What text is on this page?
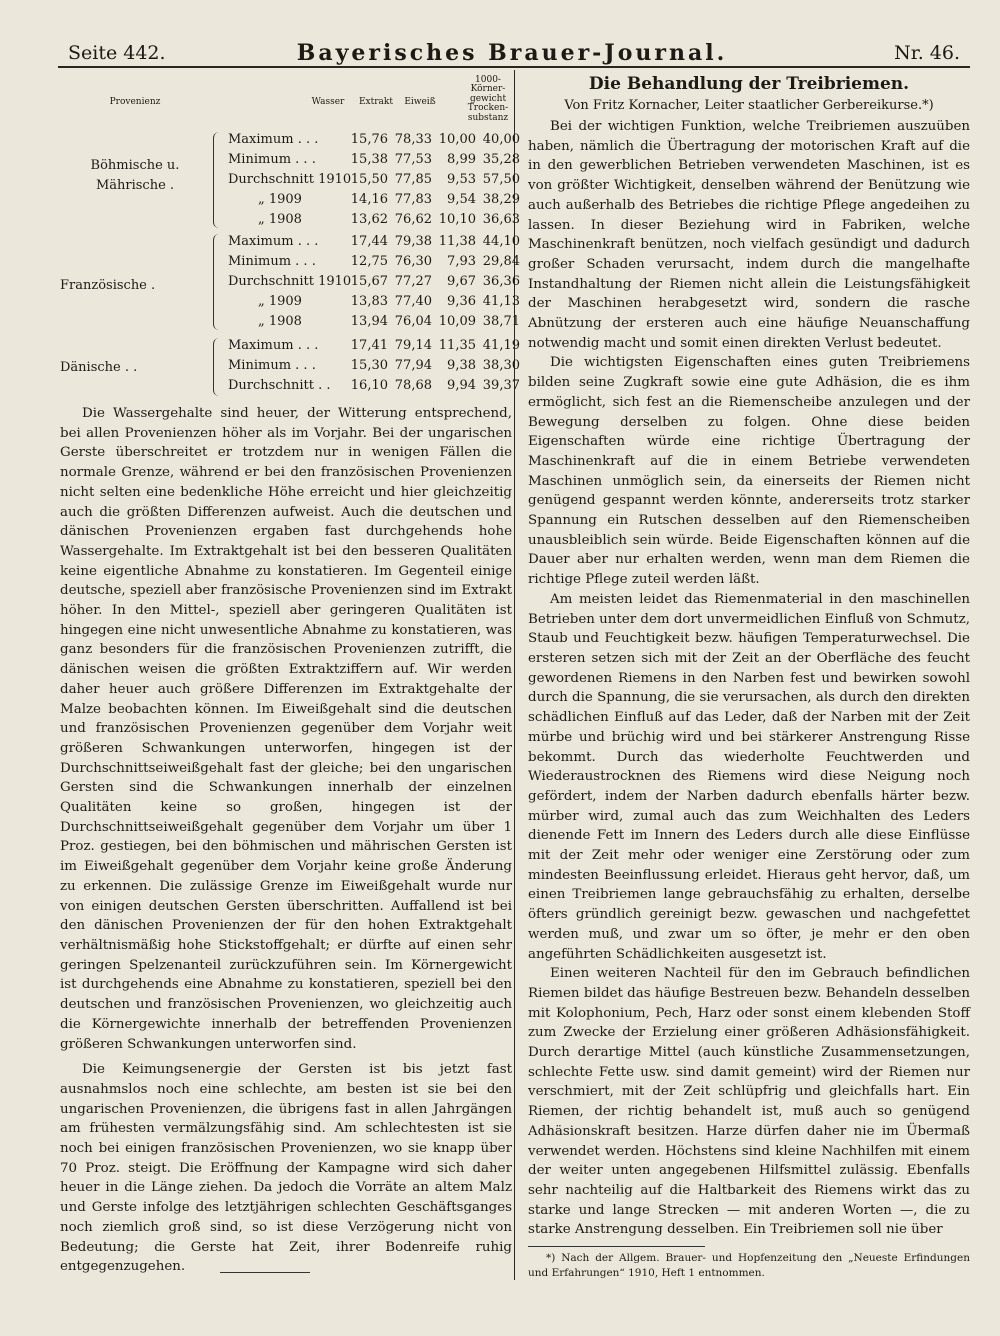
Seite 442.	Bayerisches Brauer-Journal.	Nr. 46.
Provenienz	Wasser	Extrakt	Eiweiß
1000-Körner-gewicht Trocken-substanz
Böhmische u. Mährische .
Maximum . . .	15,76 78,33 10,00 40,00
Minimum . . .	15,38 77,53	8,99 35,28
Durchschnitt 1910 15,50 77,85	9,53 57,50
„ 1909	14,16 77,83	9,54 38,29
„ 1908	13,62 76,62 10,10 36,63
Französische .
Maximum . . .	17,44 79,38 11,38 44,10
Minimum . . .	12,75 76,30	7,93 29,84
Durchschnitt 1910 15,67 77,27	9,67 36,36
„ 1909	13,83 77,40	9,36 41,13
„ 1908	13,94 76,04 10,09 38,71
Dänische . .
Maximum . . .	17,41 79,14 11,35 41,19
Minimum . . .	15,30 77,94	9,38 38,30
Durchschnitt . .	16,10 78,68	9,94 39,37

Die Wassergehalte sind heuer, der Witterung entsprechend, bei allen Provenienzen höher als im Vorjahr. Bei der ungarischen Gerste überschreitet er trotzdem nur in wenigen Fällen die normale Grenze, während er bei den französischen Provenienzen nicht selten eine bedenkliche Höhe erreicht und hier gleichzeitig auch die größten Differenzen aufweist. Auch die deutschen und dänischen Provenienzen ergaben fast durchgehends hohe Wassergehalte. Im Extraktgehalt ist bei den besseren Qualitäten keine eigentliche Abnahme zu konstatieren. Im Gegenteil einige deutsche, speziell aber französische Provenienzen sind im Extrakt höher. In den Mittel-, speziell aber geringeren Qualitäten ist hingegen eine nicht unwesentliche Abnahme zu konstatieren, was ganz besonders für die französischen Provenienzen zutrifft, die dänischen weisen die größten Extraktziffern auf. Wir werden daher heuer auch größere Differenzen im Extraktgehalte der Malze beobachten können. Im Eiweißgehalt sind die deutschen und französischen Provenienzen gegenüber dem Vorjahr weit größeren Schwankungen unterworfen, hingegen ist der Durchschnittseiweißgehalt fast der gleiche; bei den ungarischen Gersten sind die Schwankungen innerhalb der einzelnen Qualitäten keine so großen, hingegen ist der Durchschnittseiweißgehalt gegenüber dem Vorjahr um über 1 Proz. gestiegen, bei den böhmischen und mährischen Gersten ist im Eiweißgehalt gegenüber dem Vorjahr keine große Änderung zu erkennen. Die zulässige Grenze im Eiweißgehalt wurde nur von einigen deutschen Gersten überschritten. Auffallend ist bei den dänischen Provenienzen der für den hohen Extraktgehalt verhältnismäßig hohe Stickstoffgehalt; er dürfte auf einen sehr geringen Spelzenanteil zurückzuführen sein. Im Körnergewicht ist durchgehends eine Abnahme zu konstatieren, speziell bei den deutschen und französischen Provenienzen, wo gleichzeitig auch die Körnergewichte innerhalb der betreffenden Provenienzen größeren Schwankungen unterworfen sind.

Die Keimungsenergie der Gersten ist bis jetzt fast ausnahmslos noch eine schlechte, am besten ist sie bei den ungarischen Provenienzen, die übrigens fast in allen Jahrgängen am frühesten vermälzungsfähig sind. Am schlechtesten ist sie noch bei einigen französischen Provenienzen, wo sie knapp über 70 Proz. steigt. Die Eröffnung der Kampagne wird sich daher heuer in die Länge ziehen. Da jedoch die Vorräte an altem Malz und Gerste infolge des letztjährigen schlechten Geschäftsganges noch ziemlich groß sind, so ist diese Verzögerung nicht von Bedeutung; die Gerste hat Zeit, ihrer Bodenreife ruhig entgegenzugehen.

Die Behandlung der Treibriemen.
Von Fritz Kornacher, Leiter staatlicher Gerbereikurse.*)

Bei der wichtigen Funktion, welche Treibriemen auszuüben haben, nämlich die Übertragung der motorischen Kraft auf die in den gewerblichen Betrieben verwendeten Maschinen, ist es von größter Wichtigkeit, denselben während der Benützung wie auch außerhalb des Betriebes die richtige Pflege angedeihen zu lassen. In dieser Beziehung wird in Fabriken, welche Maschinenkraft benützen, noch vielfach gesündigt und dadurch großer Schaden verursacht, indem durch die mangelhafte Instandhaltung der Riemen nicht allein die Leistungsfähigkeit der Maschinen herabgesetzt wird, sondern die rasche Abnützung der ersteren auch eine häufige Neuanschaffung notwendig macht und somit einen direkten Verlust bedeutet.

Die wichtigsten Eigenschaften eines guten Treibriemens bilden seine Zugkraft sowie eine gute Adhäsion, die es ihm ermöglicht, sich fest an die Riemenscheibe anzulegen und der Bewegung derselben zu folgen. Ohne diese beiden Eigenschaften würde eine richtige Übertragung der Maschinenkraft auf die in einem Betriebe verwendeten Maschinen unmöglich sein, da einerseits der Riemen nicht genügend gespannt werden könnte, andererseits trotz starker Spannung ein Rutschen desselben auf den Riemenscheiben unausbleiblich sein würde. Beide Eigenschaften können auf die Dauer aber nur erhalten werden, wenn man dem Riemen die richtige Pflege zuteil werden läßt.

Am meisten leidet das Riemenmaterial in den maschinellen Betrieben unter dem dort unvermeidlichen Einfluß von Schmutz, Staub und Feuchtigkeit bezw. häufigen Temperaturwechsel. Die ersteren setzen sich mit der Zeit an der Oberfläche des feucht gewordenen Riemens in den Narben fest und bewirken sowohl durch die Spannung, die sie verursachen, als durch den direkten schädlichen Einfluß auf das Leder, daß der Narben mit der Zeit mürbe und brüchig wird und bei stärkerer Anstrengung Risse bekommt. Durch das wiederholte Feuchtwerden und Wiederaustrocknen des Riemens wird diese Neigung noch gefördert, indem der Narben dadurch ebenfalls härter bezw. mürber wird, zumal auch das zum Weichhalten des Leders dienende Fett im Innern des Leders durch alle diese Einflüsse mit der Zeit mehr oder weniger eine Zerstörung oder zum mindesten Beeinflussung erleidet. Hieraus geht hervor, daß, um einen Treibriemen lange gebrauchsfähig zu erhalten, derselbe öfters gründlich gereinigt bezw. gewaschen und nachgefettet werden muß, und zwar um so öfter, je mehr er den oben angeführten Schädlichkeiten ausgesetzt ist.

Einen weiteren Nachteil für den im Gebrauch befindlichen Riemen bildet das häufige Bestreuen bezw. Behandeln desselben mit Kolophonium, Pech, Harz oder sonst einem klebenden Stoff zum Zwecke der Erzielung einer größeren Adhäsionsfähigkeit. Durch derartige Mittel (auch künstliche Zusammensetzungen, schlechte Fette usw. sind damit gemeint) wird der Riemen nur verschmiert, mit der Zeit schlüpfrig und gleichfalls hart. Ein Riemen, der richtig behandelt ist, muß auch so genügend Adhäsionskraft besitzen. Harze dürfen daher nie im Übermaß verwendet werden. Höchstens sind kleine Nachhilfen mit einem der weiter unten angegebenen Hilfsmittel zulässig. Ebenfalls sehr nachteilig auf die Haltbarkeit des Riemens wirkt das zu starke und lange Strecken — mit anderen Worten —, die zu starke Anstrengung desselben. Ein Treibriemen soll nie über

*) Nach der Allgem. Brauer- und Hopfenzeitung den „Neueste Erfindungen und Erfahrungen“ 1910, Heft 1 entnommen.
